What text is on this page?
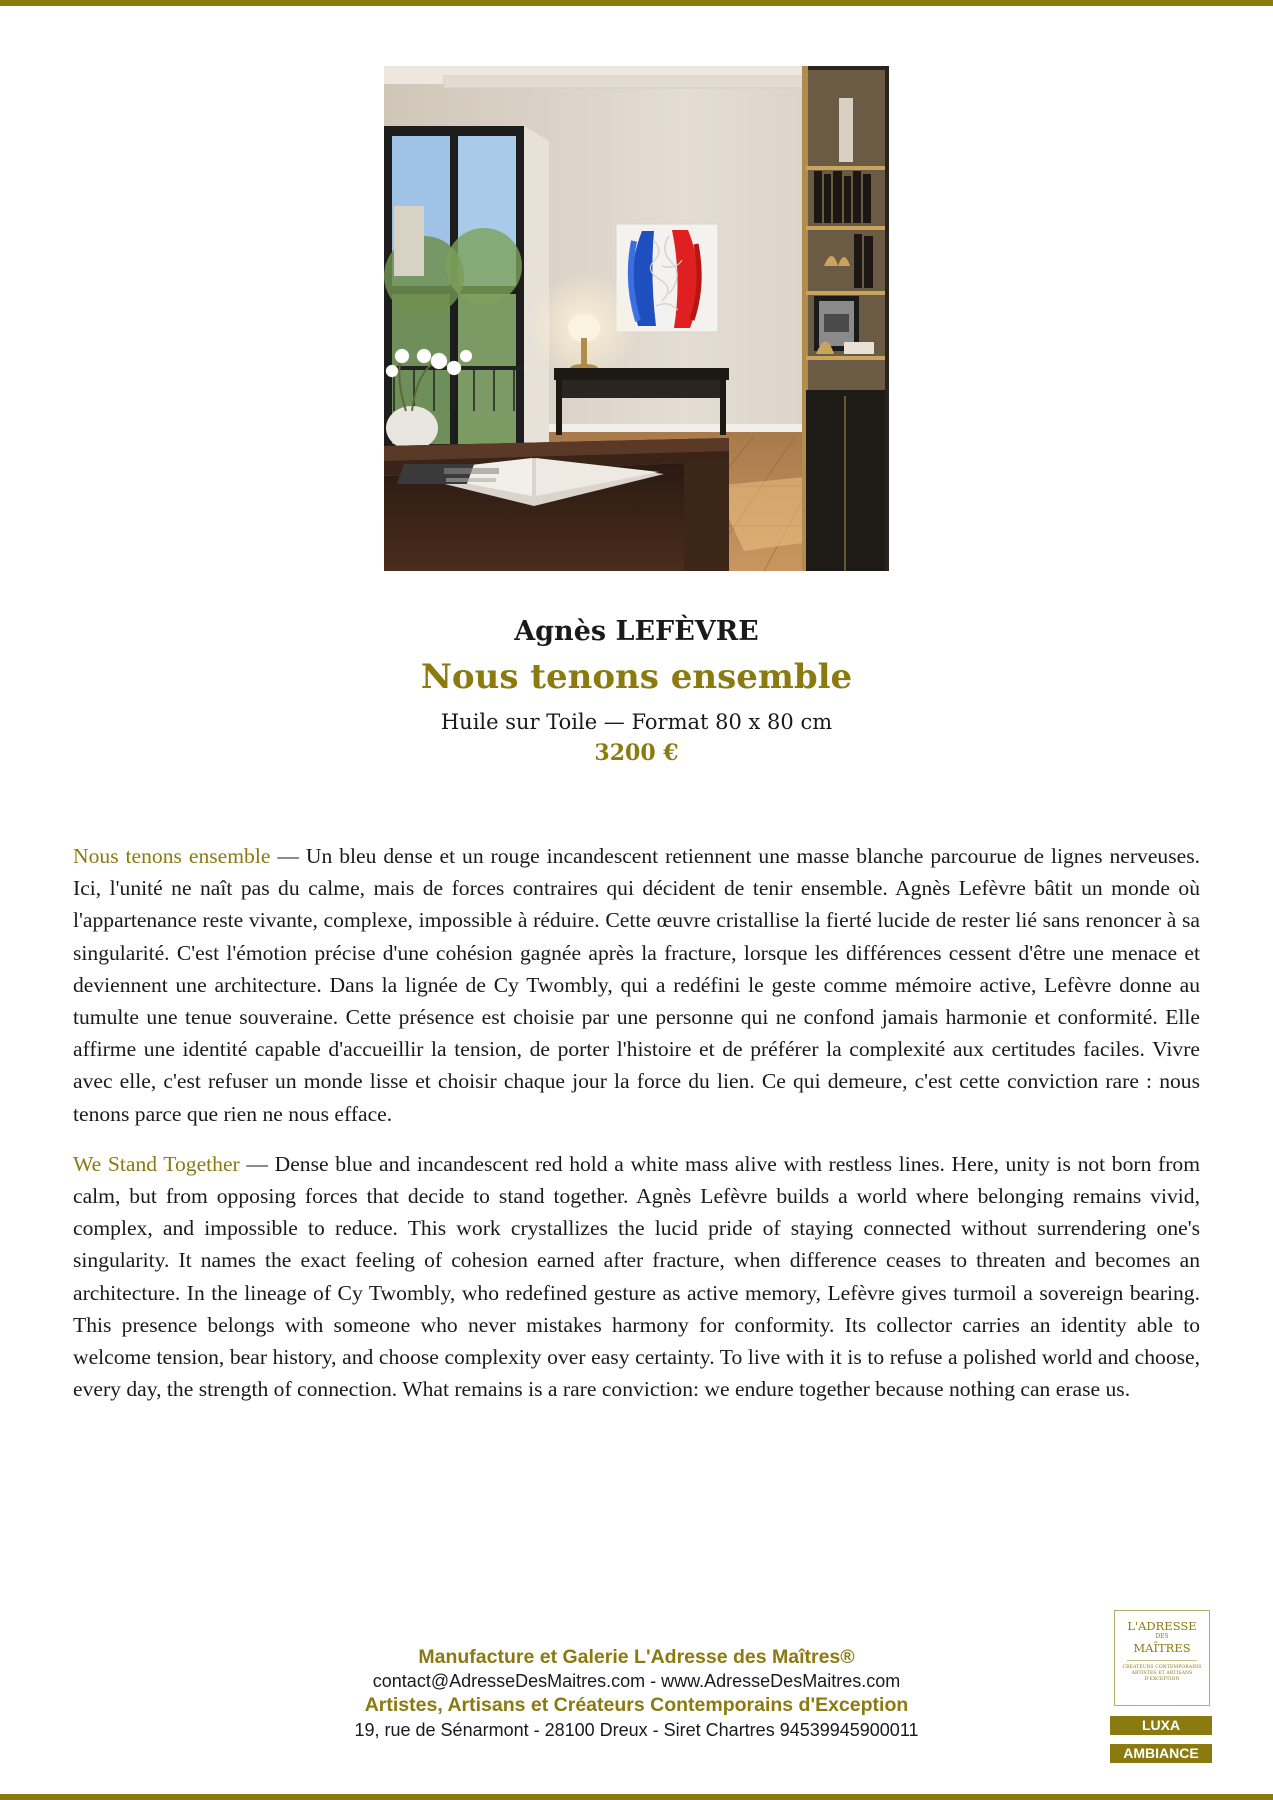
Agnès LEFÈVRE
Nous tenons ensemble
Huile sur Toile — Format 80 x 80 cm
3200 €

Nous tenons ensemble — Un bleu dense et un rouge incandescent retiennent une masse blanche parcourue de lignes nerveuses. Ici, l'unité ne naît pas du calme, mais de forces contraires qui décident de tenir ensemble. Agnès Lefèvre bâtit un monde où l'appartenance reste vivante, complexe, impossible à réduire. Cette œuvre cristallise la fierté lucide de rester lié sans renoncer à sa singularité. C'est l'émotion précise d'une cohésion gagnée après la fracture, lorsque les différences cessent d'être une menace et deviennent une architecture. Dans la lignée de Cy Twombly, qui a redéfini le geste comme mémoire active, Lefèvre donne au tumulte une tenue souveraine. Cette présence est choisie par une personne qui ne confond jamais harmonie et conformité. Elle affirme une identité capable d'accueillir la tension, de porter l'histoire et de préférer la complexité aux certitudes faciles. Vivre avec elle, c'est refuser un monde lisse et choisir chaque jour la force du lien. Ce qui demeure, c'est cette conviction rare : nous tenons parce que rien ne nous efface.

We Stand Together — Dense blue and incandescent red hold a white mass alive with restless lines. Here, unity is not born from calm, but from opposing forces that decide to stand together. Agnès Lefèvre builds a world where belonging remains vivid, complex, and impossible to reduce. This work crystallizes the lucid pride of staying connected without surrendering one's singularity. It names the exact feeling of cohesion earned after fracture, when difference ceases to threaten and becomes an architecture. In the lineage of Cy Twombly, who redefined gesture as active memory, Lefèvre gives turmoil a sovereign bearing. This presence belongs with someone who never mistakes harmony for conformity. Its collector carries an identity able to welcome tension, bear history, and choose complexity over easy certainty. To live with it is to refuse a polished world and choose, every day, the strength of connection. What remains is a rare conviction: we endure together because nothing can erase us.

Manufacture et Galerie L'Adresse des Maîtres®
contact@AdresseDesMaitres.com - www.AdresseDesMaitres.com
Artistes, Artisans et Créateurs Contemporains d'Exception
19, rue de Sénarmont - 28100 Dreux - Siret Chartres 94539945900011
L'ADRESSE
DES
MAÎTRES
CRÉATEURS CONTEMPORAINS ARTISTES ET ARTISANS D'EXCEPTION
LUXA
AMBIANCE
